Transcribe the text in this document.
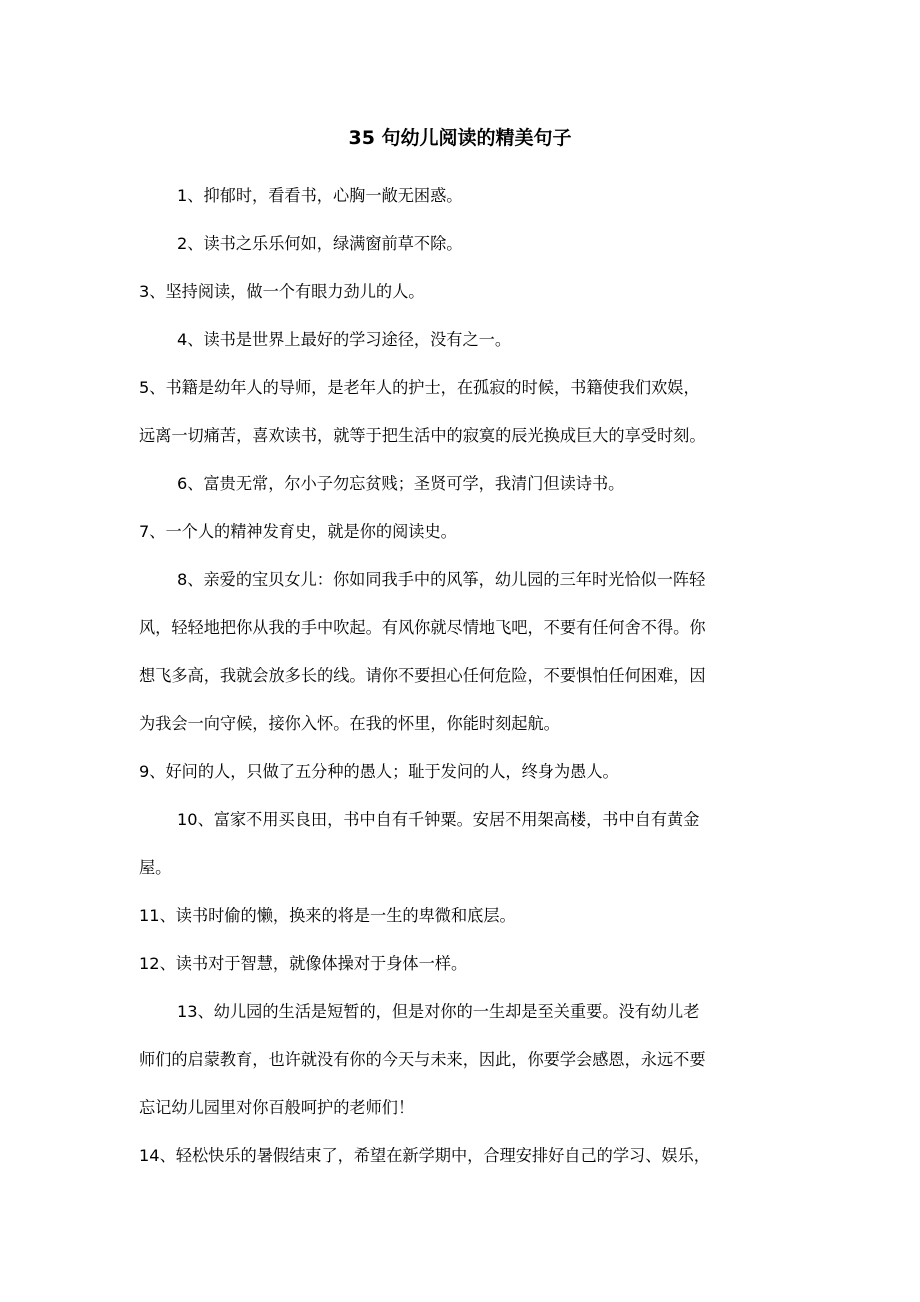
35 句幼儿阅读的精美句子

1、抑郁时，看看书，心胸一敞无困惑。

2、读书之乐乐何如，绿满窗前草不除。

3、坚持阅读，做一个有眼力劲儿的人。

4、读书是世界上最好的学习途径，没有之一。

5、书籍是幼年人的导师，是老年人的护士，在孤寂的时候，书籍使我们欢娱，
远离一切痛苦，喜欢读书，就等于把生活中的寂寞的辰光换成巨大的享受时刻。

6、富贵无常，尔小子勿忘贫贱；圣贤可学，我清门但读诗书。

7、一个人的精神发育史，就是你的阅读史。

8、亲爱的宝贝女儿：你如同我手中的风筝，幼儿园的三年时光恰似一阵轻
风，轻轻地把你从我的手中吹起。有风你就尽情地飞吧，不要有任何舍不得。你
想飞多高，我就会放多长的线。请你不要担心任何危险，不要惧怕任何困难，因
为我会一向守候，接你入怀。在我的怀里，你能时刻起航。

9、好问的人，只做了五分种的愚人；耻于发问的人，终身为愚人。

10、富家不用买良田，书中自有千钟粟。安居不用架高楼，书中自有黄金
屋。

11、读书时偷的懒，换来的将是一生的卑微和底层。

12、读书对于智慧，就像体操对于身体一样。

13、幼儿园的生活是短暂的，但是对你的一生却是至关重要。没有幼儿老
师们的启蒙教育，也许就没有你的今天与未来，因此，你要学会感恩，永远不要
忘记幼儿园里对你百般呵护的老师们！

14、轻松快乐的暑假结束了，希望在新学期中，合理安排好自己的学习、娱乐，
